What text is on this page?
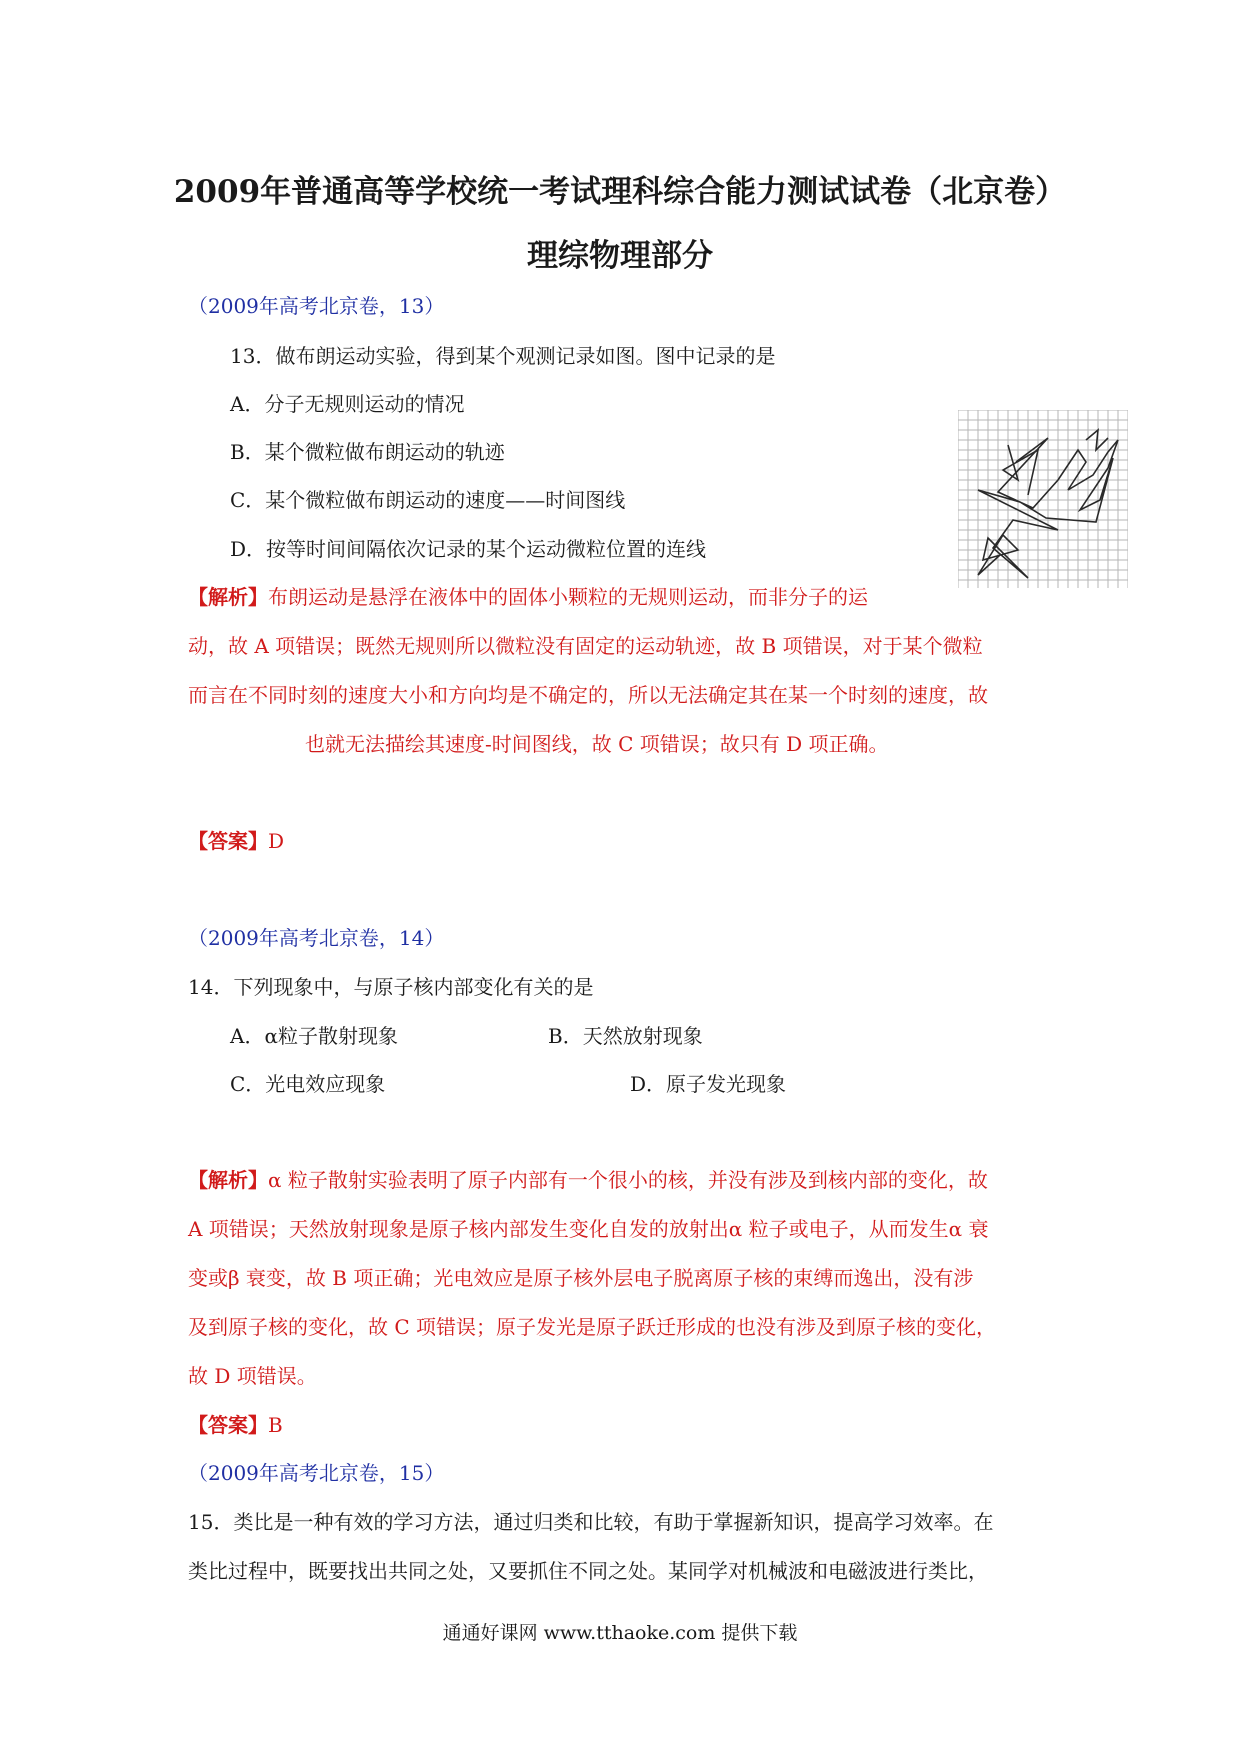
2009年普通高等学校统一考试理科综合能力测试试卷（北京卷）
理综物理部分
（2009年高考北京卷，13）
13．做布朗运动实验，得到某个观测记录如图。图中记录的是
A．分子无规则运动的情况
B．某个微粒做布朗运动的轨迹
C．某个微粒做布朗运动的速度——时间图线
D．按等时间间隔依次记录的某个运动微粒位置的连线
【解析】布朗运动是悬浮在液体中的固体小颗粒的无规则运动，而非分子的运
动，故 A 项错误；既然无规则所以微粒没有固定的运动轨迹，故 B 项错误，对于某个微粒
而言在不同时刻的速度大小和方向均是不确定的，所以无法确定其在某一个时刻的速度，故
也就无法描绘其速度-时间图线，故 C 项错误；故只有 D 项正确。
【答案】D
（2009年高考北京卷，14）
14．下列现象中，与原子核内部变化有关的是
A．α粒子散射现象	B．天然放射现象
C．光电效应现象	D．原子发光现象
【解析】α 粒子散射实验表明了原子内部有一个很小的核，并没有涉及到核内部的变化，故
A 项错误；天然放射现象是原子核内部发生变化自发的放射出α 粒子或电子，从而发生α 衰
变或β 衰变，故 B 项正确；光电效应是原子核外层电子脱离原子核的束缚而逸出，没有涉
及到原子核的变化，故 C 项错误；原子发光是原子跃迁形成的也没有涉及到原子核的变化，
故 D 项错误。
【答案】B
（2009年高考北京卷，15）
15．类比是一种有效的学习方法，通过归类和比较，有助于掌握新知识，提高学习效率。在
类比过程中，既要找出共同之处，又要抓住不同之处。某同学对机械波和电磁波进行类比，
通通好课网 www.tthaoke.com 提供下载
